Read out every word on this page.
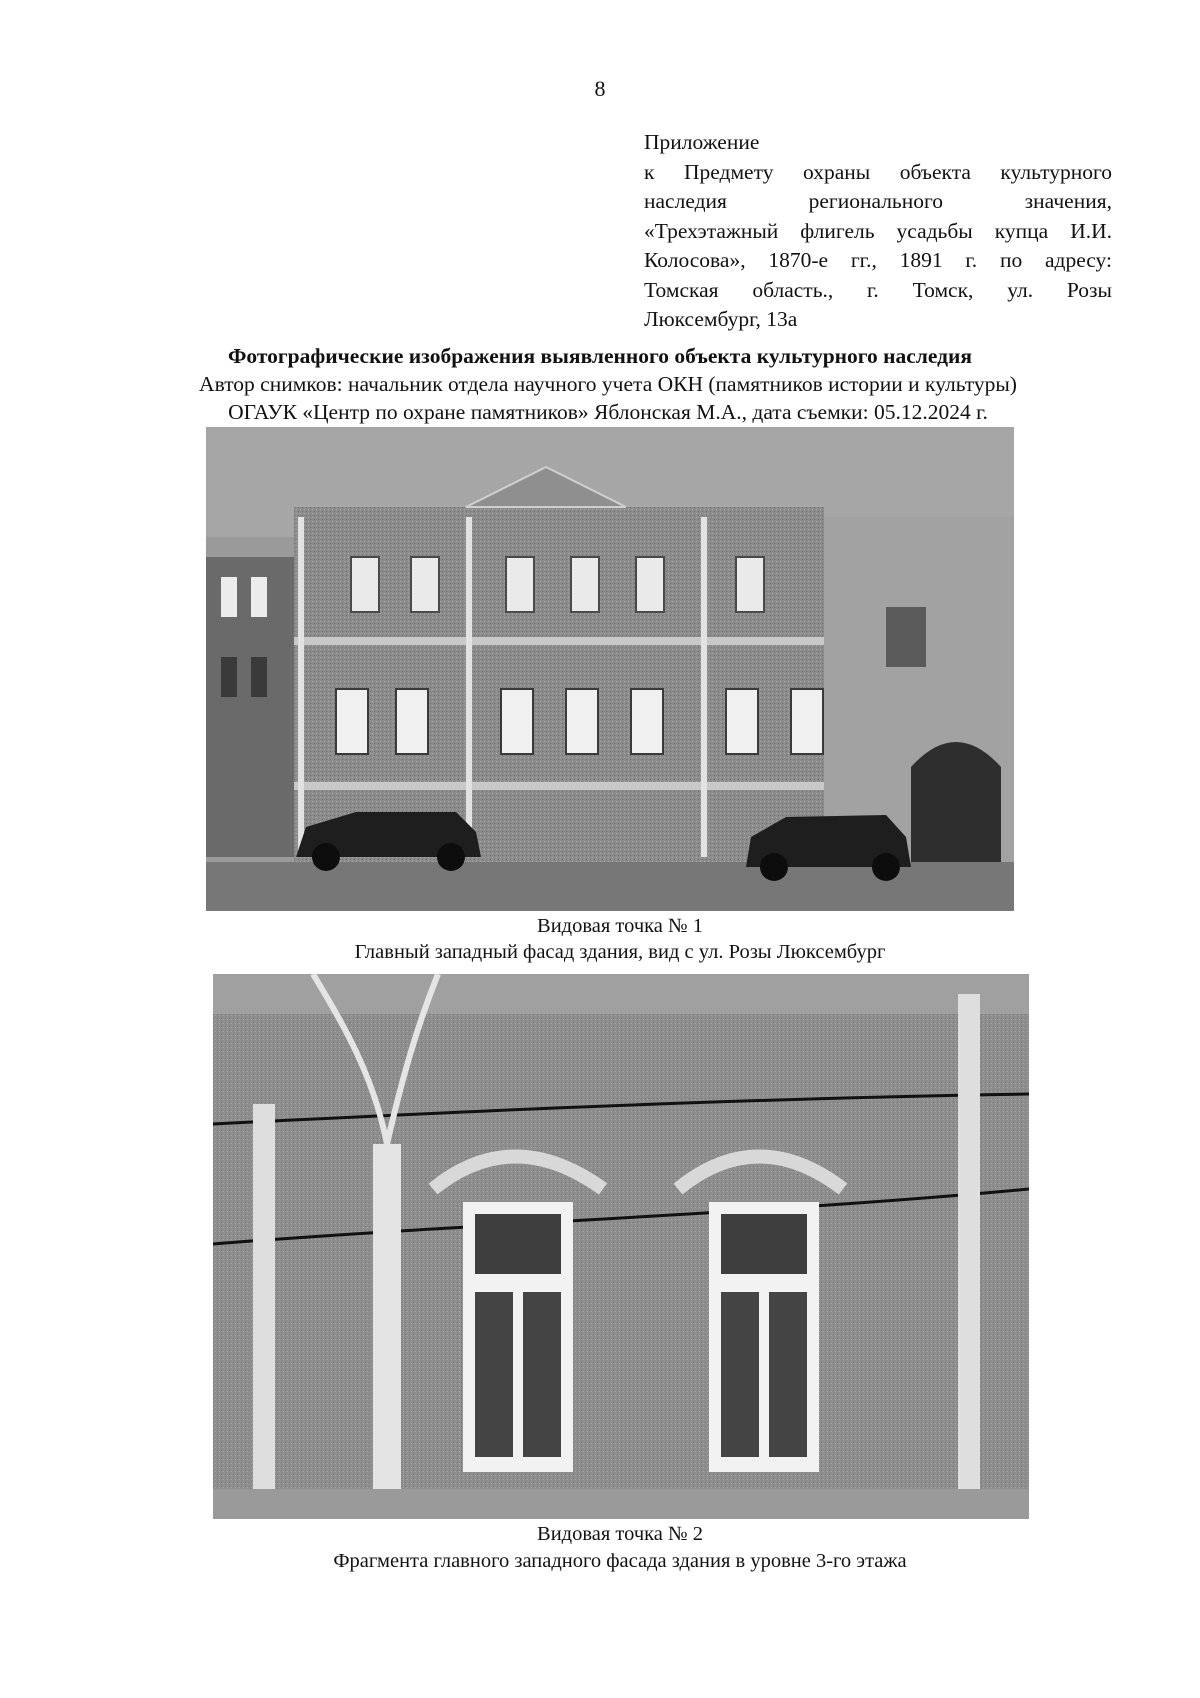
8
Приложение
к Предмету охраны объекта культурного
наследия регионального значения,
«Трехэтажный флигель усадьбы купца И.И.
Колосова», 1870-е гг., 1891 г. по адресу:
Томская область., г. Томск, ул. Розы
Люксембург, 13а
Фотографические изображения выявленного объекта культурного наследия
Автор снимков: начальник отдела научного учета ОКН (памятников истории и культуры)
ОГАУК «Центр по охране памятников» Яблонская М.А., дата съемки: 05.12.2024 г.
Видовая точка № 1
Главный западный фасад здания, вид с ул. Розы Люксембург
Видовая точка № 2
Фрагмента главного западного фасада здания в уровне 3-го этажа
